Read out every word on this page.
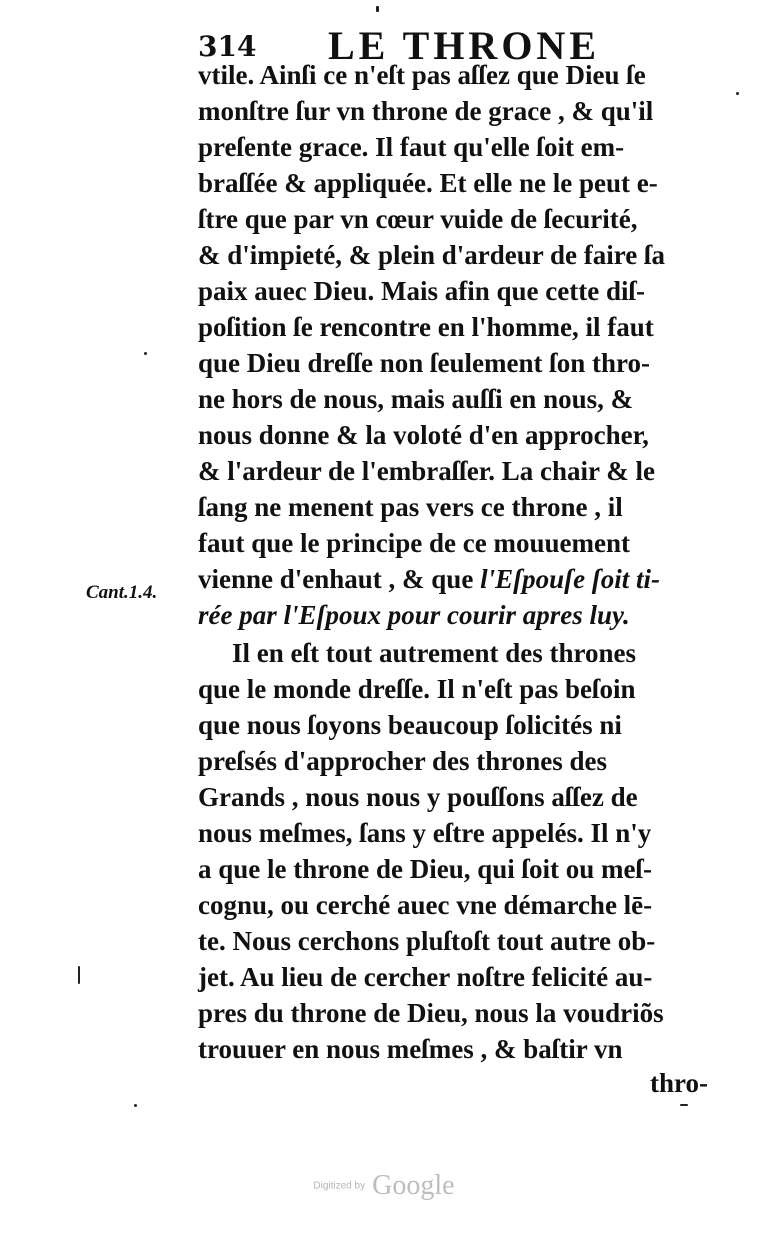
314 LE THRONE
Cant.1.4.
vtile. Ainſi ce n'eſt pas aſſez que Dieu ſe
monſtre ſur vn throne de grace , & qu'il
preſente grace. Il faut qu'elle ſoit em-
braſſée & appliquée. Et elle ne le peut e-
ſtre que par vn cœur vuide de ſecurité,
& d'impieté, & plein d'ardeur de faire ſa
paix auec Dieu. Mais afin que cette diſ-
poſition ſe rencontre en l'homme, il faut
que Dieu dreſſe non ſeulement ſon thro-
ne hors de nous, mais auſſi en nous, &
nous donne & la voloté d'en approcher,
& l'ardeur de l'embraſſer. La chair & le
ſang ne menent pas vers ce throne , il
faut que le principe de ce mouuement
vienne d'enhaut , & que l'Eſpouſe ſoit ti-
rée par l'Eſpoux pour courir apres luy.
Il en eſt tout autrement des thrones
que le monde dreſſe. Il n'eſt pas beſoin
que nous ſoyons beaucoup ſolicités ni
preſsés d'approcher des thrones des
Grands , nous nous y pouſſons aſſez de
nous meſmes, ſans y eſtre appelés. Il n'y
a que le throne de Dieu, qui ſoit ou meſ-
cognu, ou cerché auec vne démarche lē-
te. Nous cerchons pluſtoſt tout autre ob-
jet. Au lieu de cercher noſtre felicité au-
pres du throne de Dieu, nous la voudriõs
trouuer en nous meſmes , & baſtir vn
thro-
Digitized by Google
